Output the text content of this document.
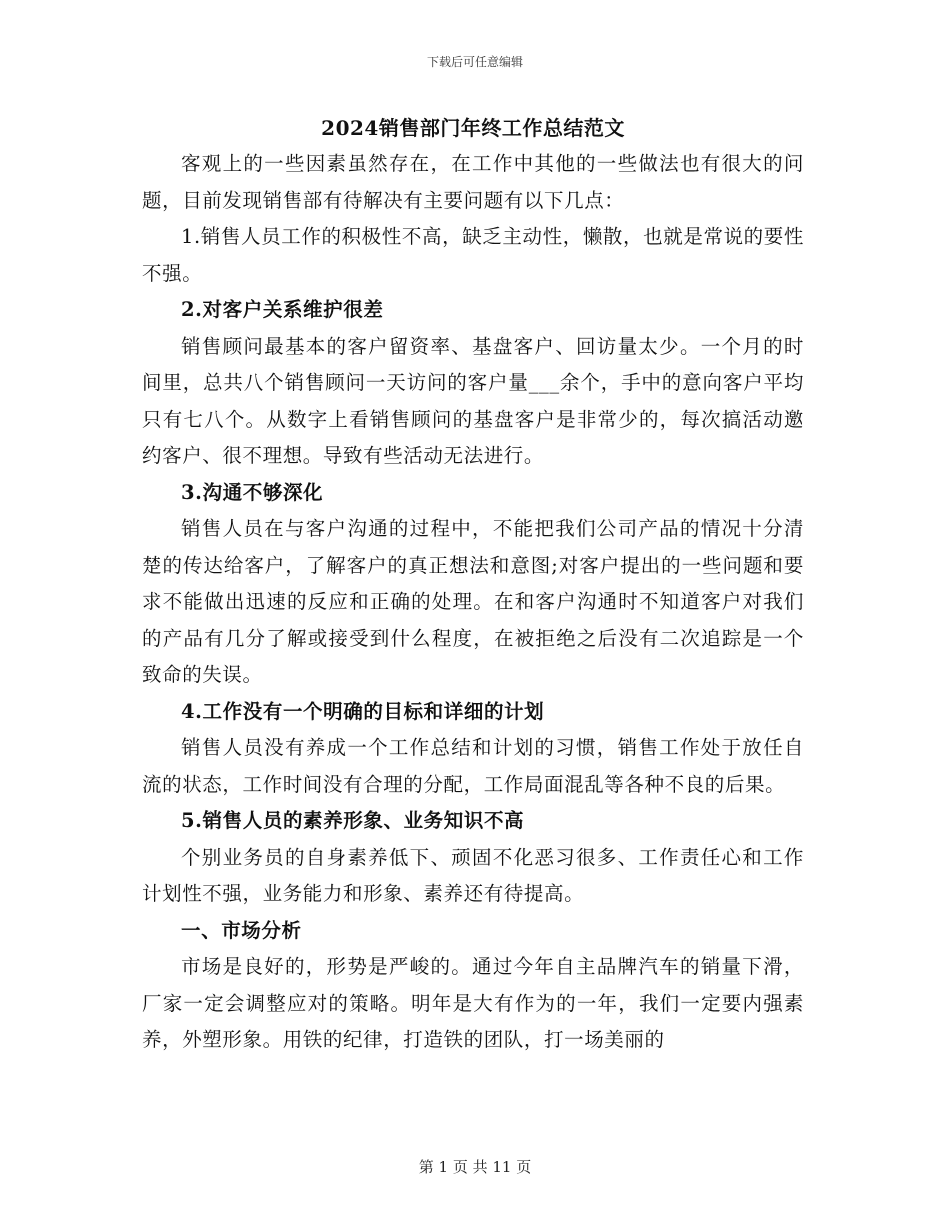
下载后可任意编辑
2024销售部门年终工作总结范文

客观上的一些因素虽然存在，在工作中其他的一些做法也有很大的问题，目前发现销售部有待解决有主要问题有以下几点：

1.销售人员工作的积极性不高，缺乏主动性，懒散，也就是常说的要性不强。

2.对客户关系维护很差

销售顾问最基本的客户留资率、基盘客户、回访量太少。一个月的时间里，总共八个销售顾问一天访问的客户量___余个，手中的意向客户平均只有七八个。从数字上看销售顾问的基盘客户是非常少的，每次搞活动邀约客户、很不理想。导致有些活动无法进行。

3.沟通不够深化

销售人员在与客户沟通的过程中，不能把我们公司产品的情况十分清楚的传达给客户，了解客户的真正想法和意图;对客户提出的一些问题和要求不能做出迅速的反应和正确的处理。在和客户沟通时不知道客户对我们的产品有几分了解或接受到什么程度，在被拒绝之后没有二次追踪是一个致命的失误。

4.工作没有一个明确的目标和详细的计划

销售人员没有养成一个工作总结和计划的习惯，销售工作处于放任自流的状态，工作时间没有合理的分配，工作局面混乱等各种不良的后果。

5.销售人员的素养形象、业务知识不高

个别业务员的自身素养低下、顽固不化恶习很多、工作责任心和工作计划性不强，业务能力和形象、素养还有待提高。

一、市场分析

市场是良好的，形势是严峻的。通过今年自主品牌汽车的销量下滑，厂家一定会调整应对的策略。明年是大有作为的一年，我们一定要内强素养，外塑形象。用铁的纪律，打造铁的团队，打一场美丽的

第 1 页 共 11 页
